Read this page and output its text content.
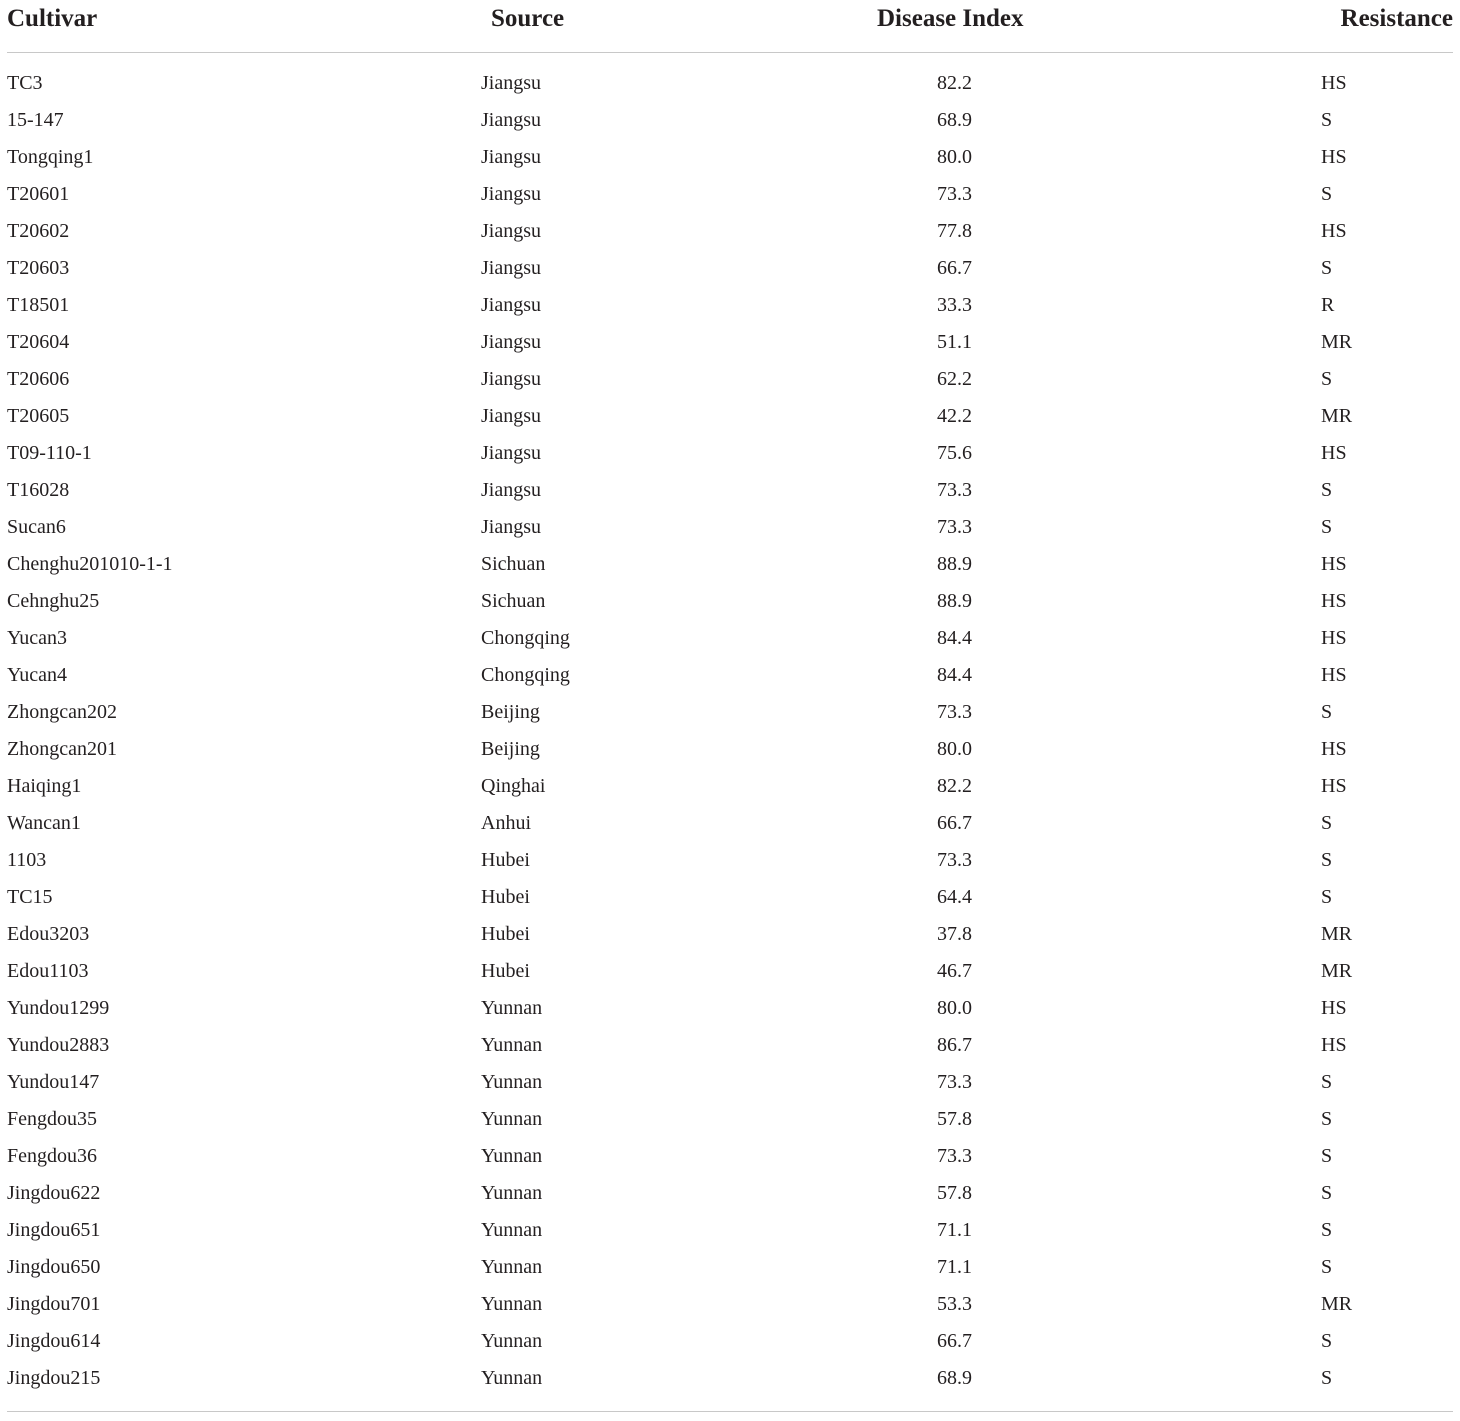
Cultivar	Source	Disease Index	Resistance
TC3	Jiangsu	82.2	HS
15-147	Jiangsu	68.9	S
Tongqing1	Jiangsu	80.0	HS
T20601	Jiangsu	73.3	S
T20602	Jiangsu	77.8	HS
T20603	Jiangsu	66.7	S
T18501	Jiangsu	33.3	R
T20604	Jiangsu	51.1	MR
T20606	Jiangsu	62.2	S
T20605	Jiangsu	42.2	MR
T09-110-1	Jiangsu	75.6	HS
T16028	Jiangsu	73.3	S
Sucan6	Jiangsu	73.3	S
Chenghu201010-1-1	Sichuan	88.9	HS
Cehnghu25	Sichuan	88.9	HS
Yucan3	Chongqing	84.4	HS
Yucan4	Chongqing	84.4	HS
Zhongcan202	Beijing	73.3	S
Zhongcan201	Beijing	80.0	HS
Haiqing1	Qinghai	82.2	HS
Wancan1	Anhui	66.7	S
1103	Hubei	73.3	S
TC15	Hubei	64.4	S
Edou3203	Hubei	37.8	MR
Edou1103	Hubei	46.7	MR
Yundou1299	Yunnan	80.0	HS
Yundou2883	Yunnan	86.7	HS
Yundou147	Yunnan	73.3	S
Fengdou35	Yunnan	57.8	S
Fengdou36	Yunnan	73.3	S
Jingdou622	Yunnan	57.8	S
Jingdou651	Yunnan	71.1	S
Jingdou650	Yunnan	71.1	S
Jingdou701	Yunnan	53.3	MR
Jingdou614	Yunnan	66.7	S
Jingdou215	Yunnan	68.9	S
